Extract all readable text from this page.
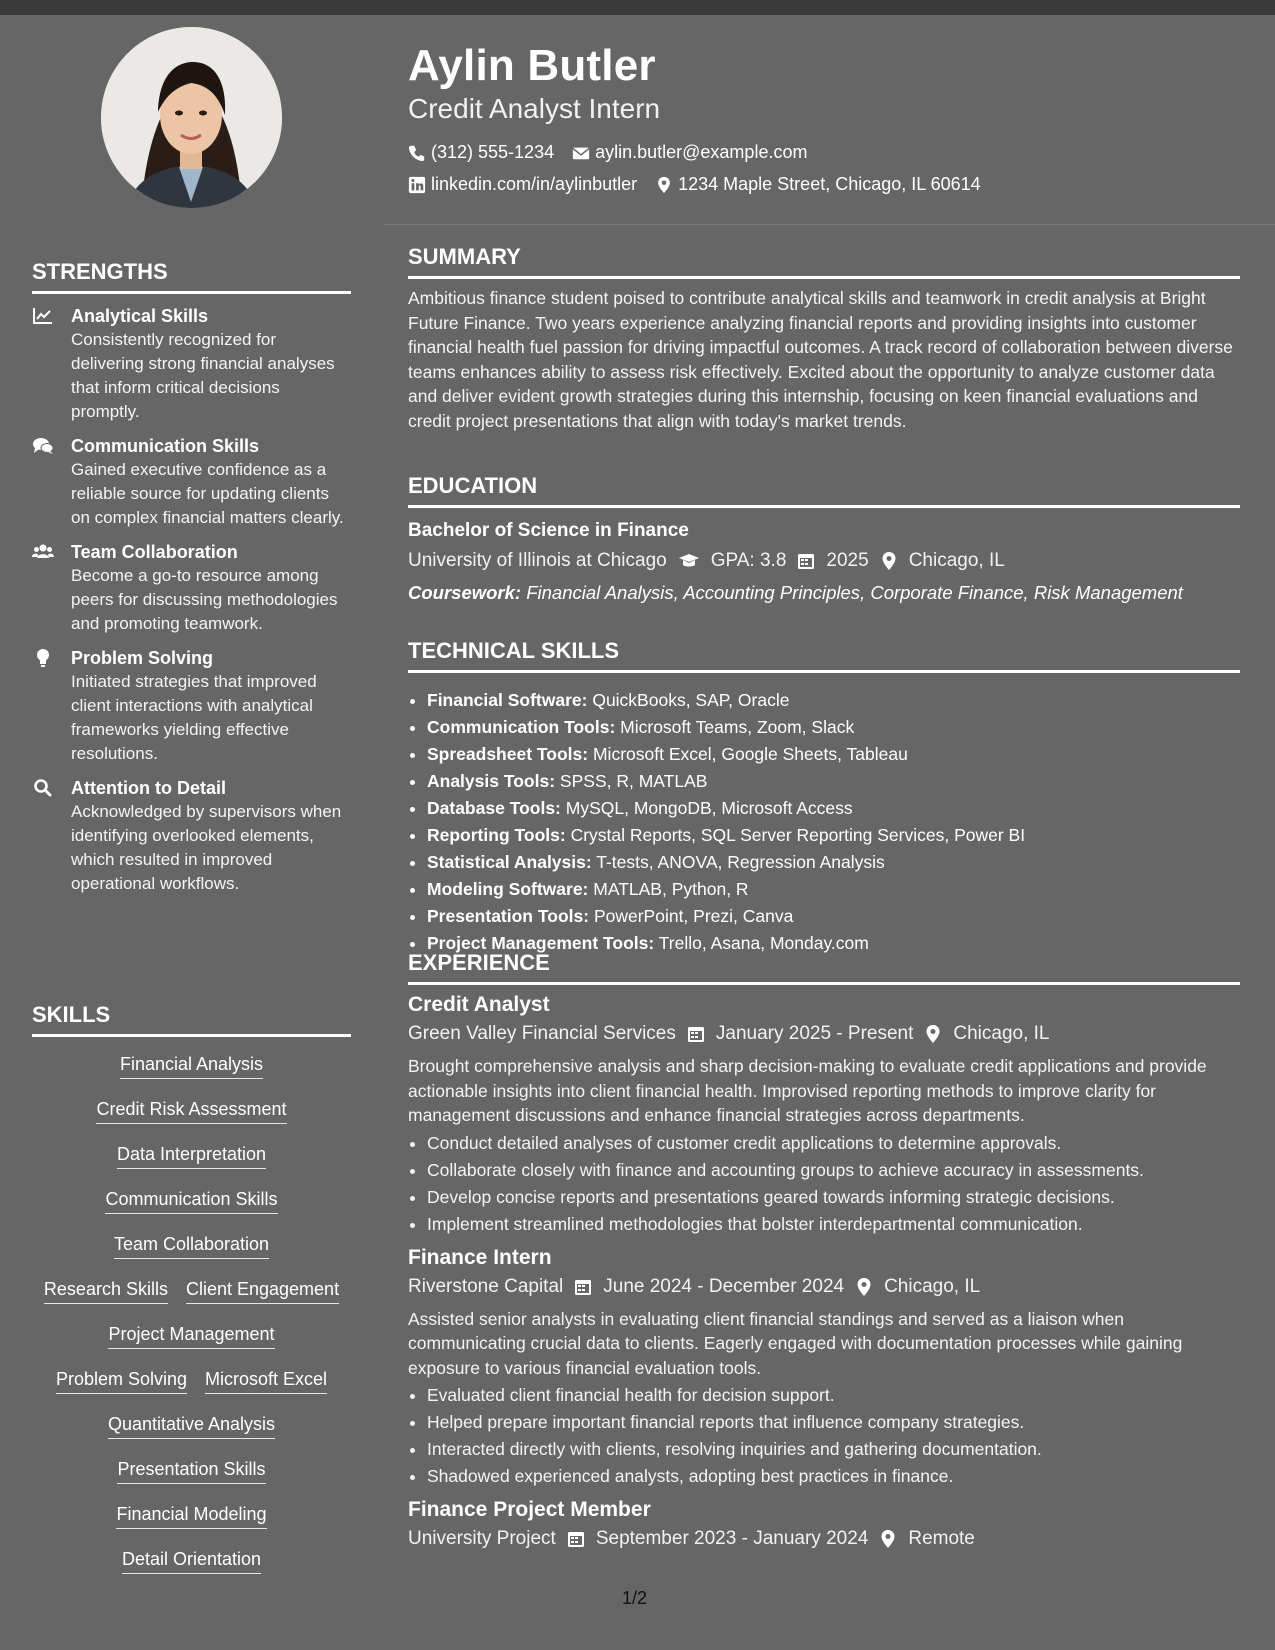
Aylin Butler
Credit Analyst Intern
(312) 555-1234 aylin.butler@example.com
linkedin.com/in/aylinbutler 1234 Maple Street, Chicago, IL 60614
STRENGTHS
Analytical Skills
Consistently recognized for delivering strong financial analyses that inform critical decisions promptly.
Communication Skills
Gained executive confidence as a reliable source for updating clients on complex financial matters clearly.
Team Collaboration
Become a go-to resource among peers for discussing methodologies and promoting teamwork.
Problem Solving
Initiated strategies that improved client interactions with analytical frameworks yielding effective resolutions.
Attention to Detail
Acknowledged by supervisors when identifying overlooked elements, which resulted in improved operational workflows.
SKILLS
Financial Analysis
Credit Risk Assessment
Data Interpretation
Communication Skills
Team Collaboration
Research Skills Client Engagement
Project Management
Problem Solving Microsoft Excel
Quantitative Analysis
Presentation Skills
Financial Modeling
Detail Orientation
SUMMARY

Ambitious finance student poised to contribute analytical skills and teamwork in credit analysis at Bright Future Finance. Two years experience analyzing financial reports and providing insights into customer financial health fuel passion for driving impactful outcomes. A track record of collaboration between diverse teams enhances ability to assess risk effectively. Excited about the opportunity to analyze customer data and deliver evident growth strategies during this internship, focusing on keen financial evaluations and credit project presentations that align with today's market trends.

EDUCATION
Bachelor of Science in Finance
University of Illinois at Chicago GPA: 3.8 2025 Chicago, IL
Coursework: Financial Analysis, Accounting Principles, Corporate Finance, Risk Management
TECHNICAL SKILLS
• Financial Software: QuickBooks, SAP, Oracle
• Communication Tools: Microsoft Teams, Zoom, Slack
• Spreadsheet Tools: Microsoft Excel, Google Sheets, Tableau
• Analysis Tools: SPSS, R, MATLAB
• Database Tools: MySQL, MongoDB, Microsoft Access
• Reporting Tools: Crystal Reports, SQL Server Reporting Services, Power BI
• Statistical Analysis: T-tests, ANOVA, Regression Analysis
• Modeling Software: MATLAB, Python, R
• Presentation Tools: PowerPoint, Prezi, Canva
• Project Management Tools: Trello, Asana, Monday.com
EXPERIENCE
Credit Analyst
Green Valley Financial Services January 2025 - Present Chicago, IL

Brought comprehensive analysis and sharp decision-making to evaluate credit applications and provide actionable insights into client financial health. Improvised reporting methods to improve clarity for management discussions and enhance financial strategies across departments.

• Conduct detailed analyses of customer credit applications to determine approvals.
• Collaborate closely with finance and accounting groups to achieve accuracy in assessments.
• Develop concise reports and presentations geared towards informing strategic decisions.
• Implement streamlined methodologies that bolster interdepartmental communication.
Finance Intern
Riverstone Capital June 2024 - December 2024 Chicago, IL

Assisted senior analysts in evaluating client financial standings and served as a liaison when communicating crucial data to clients. Eagerly engaged with documentation processes while gaining exposure to various financial evaluation tools.

• Evaluated client financial health for decision support.
• Helped prepare important financial reports that influence company strategies.
• Interacted directly with clients, resolving inquiries and gathering documentation.
• Shadowed experienced analysts, adopting best practices in finance.
Finance Project Member
University Project September 2023 - January 2024 Remote
1/2
